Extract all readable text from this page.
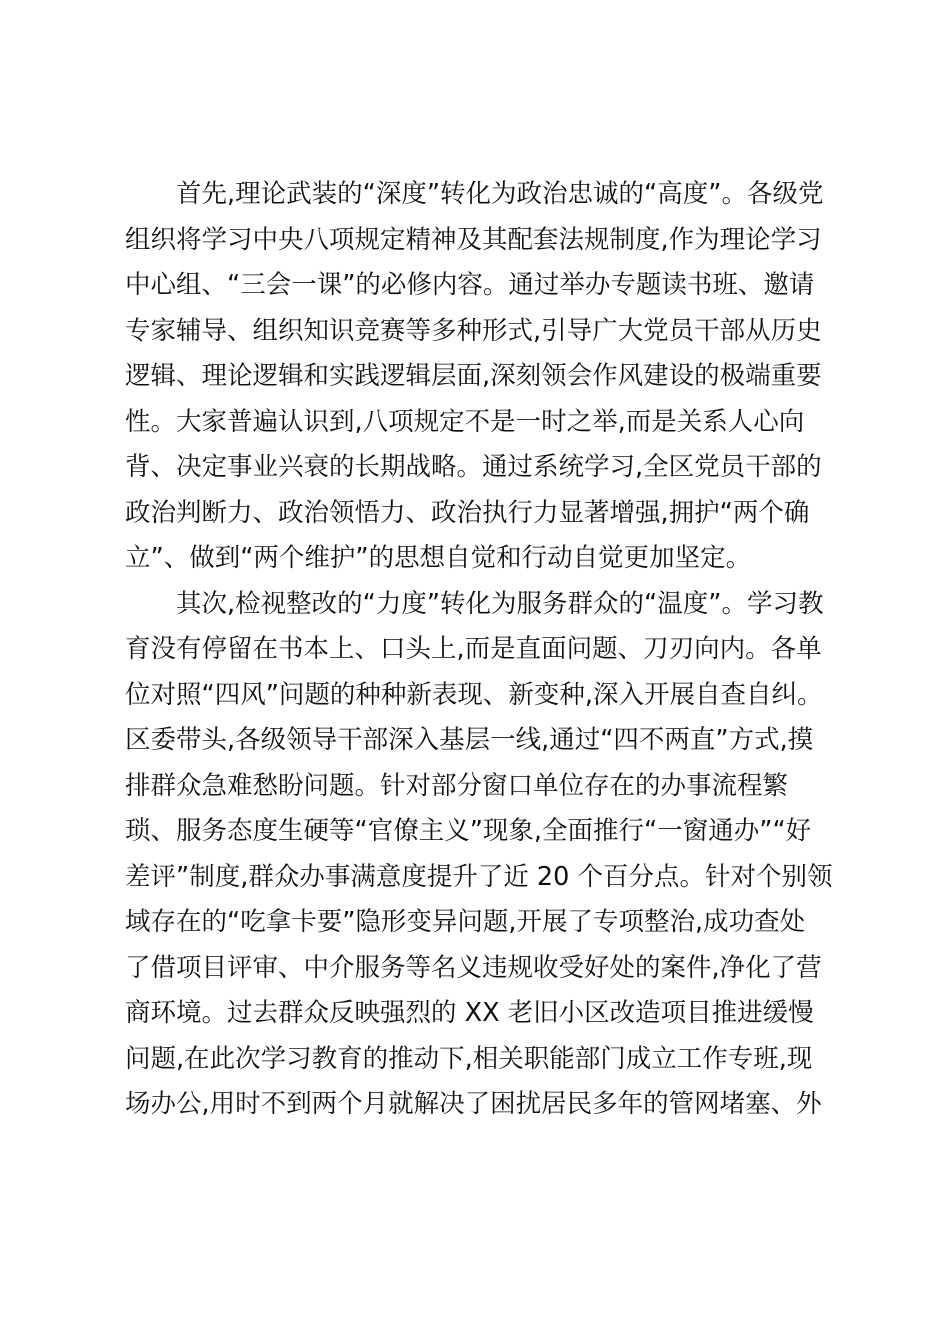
首先,理论武装的“深度”转化为政治忠诚的“高度”。各级党
组织将学习中央八项规定精神及其配套法规制度,作为理论学习
中心组、“三会一课”的必修内容。通过举办专题读书班、邀请
专家辅导、组织知识竞赛等多种形式,引导广大党员干部从历史
逻辑、理论逻辑和实践逻辑层面,深刻领会作风建设的极端重要
性。大家普遍认识到,八项规定不是一时之举,而是关系人心向
背、决定事业兴衰的长期战略。通过系统学习,全区党员干部的
政治判断力、政治领悟力、政治执行力显著增强,拥护“两个确
立”、做到“两个维护”的思想自觉和行动自觉更加坚定。
其次,检视整改的“力度”转化为服务群众的“温度”。学习教
育没有停留在书本上、口头上,而是直面问题、刀刃向内。各单
位对照“四风”问题的种种新表现、新变种,深入开展自查自纠。
区委带头,各级领导干部深入基层一线,通过“四不两直”方式,摸
排群众急难愁盼问题。针对部分窗口单位存在的办事流程繁
琐、服务态度生硬等“官僚主义”现象,全面推行“一窗通办”“好
差评”制度,群众办事满意度提升了近 20 个百分点。针对个别领
域存在的“吃拿卡要”隐形变异问题,开展了专项整治,成功查处
了借项目评审、中介服务等名义违规收受好处的案件,净化了营
商环境。过去群众反映强烈的 XX 老旧小区改造项目推进缓慢
问题,在此次学习教育的推动下,相关职能部门成立工作专班,现
场办公,用时不到两个月就解决了困扰居民多年的管网堵塞、外
